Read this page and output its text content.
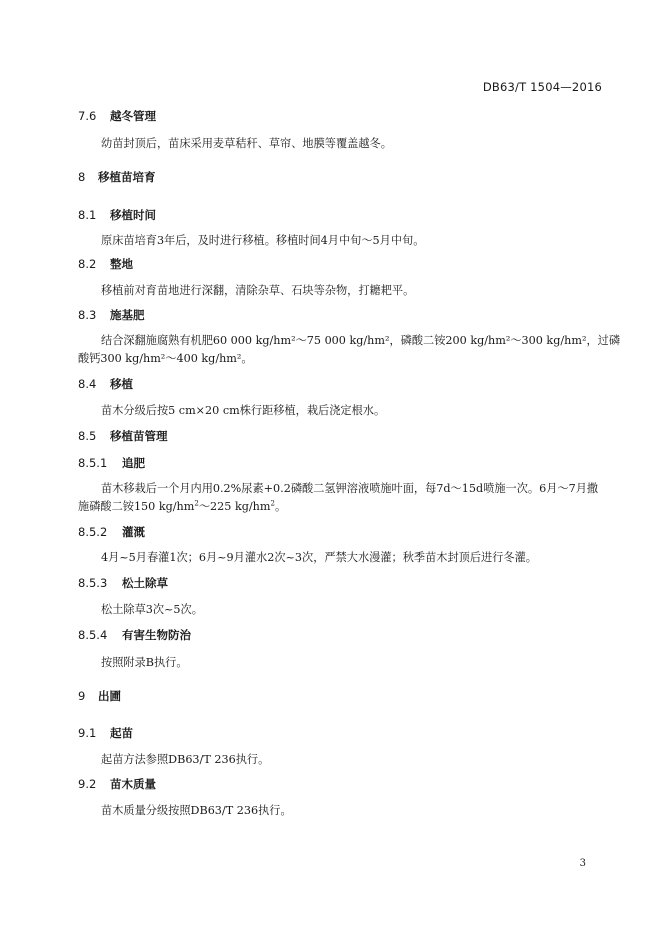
DB63/T 1504—2016
7.6 越冬管理
幼苗封顶后，苗床采用麦草秸秆、草帘、地膜等覆盖越冬。
8 移植苗培育
8.1 移植时间
原床苗培育3年后，及时进行移植。移植时间4月中旬～5月中旬。
8.2 整地
移植前对育苗地进行深翻，清除杂草、石块等杂物，打耱耙平。
8.3 施基肥
结合深翻施腐熟有机肥60 000 kg/hm²～75 000 kg/hm²，磷酸二铵200 kg/hm²～300 kg/hm²，过磷
酸钙300 kg/hm²～400 kg/hm²。
8.4 移植
苗木分级后按5 cm×20 cm株行距移植，栽后浇定根水。
8.5 移植苗管理
8.5.1 追肥
苗木移栽后一个月内用0.2%尿素+0.2磷酸二氢钾溶液喷施叶面，每7d～15d喷施一次。6月～7月撒
施磷酸二铵150 $kg/hm^2\sim 225$ $kg/hm^2$。
8.5.2 灌溉
4月~5月春灌1次；6月~9月灌水2次~3次，严禁大水漫灌；秋季苗木封顶后进行冬灌。
8.5.3 松土除草
松土除草3次~5次。
8.5.4 有害生物防治
按照附录B执行。
9 出圃
9.1 起苗
起苗方法参照DB63/T 236执行。
9.2 苗木质量
苗木质量分级按照DB63/T 236执行。
3
